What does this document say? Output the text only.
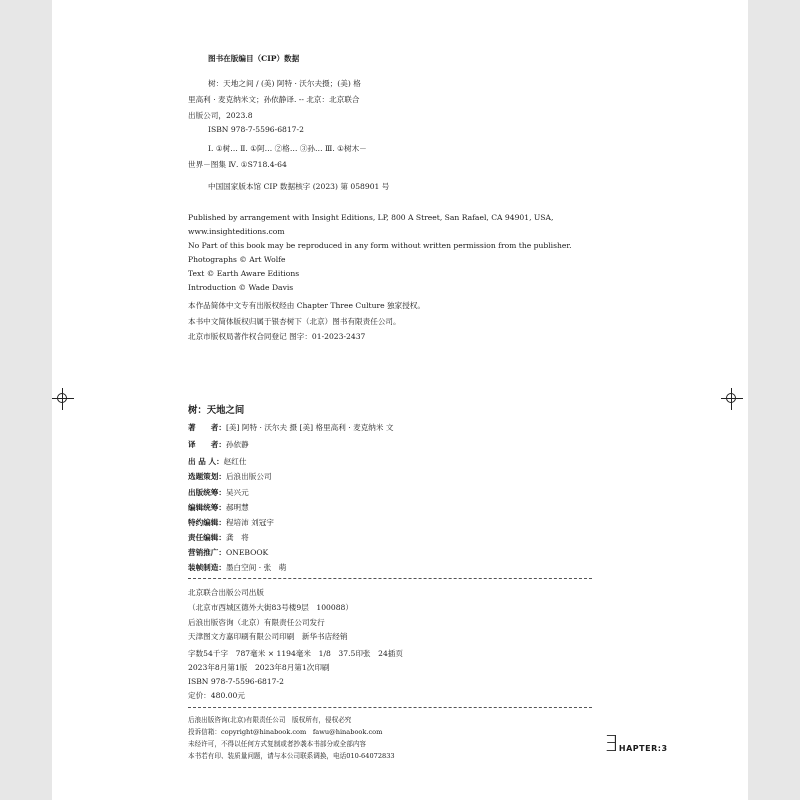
图书在版编目（CIP）数据
树：天地之间 / (美) 阿特 · 沃尔夫摄；(美) 格
里高利 · 麦克纳米文；孙依静译. -- 北京：北京联合
出版公司，2023.8
ISBN 978-7-5596-6817-2
Ⅰ. ①树… Ⅱ. ①阿… ②格… ③孙… Ⅲ. ①树木－
世界－图集 Ⅳ. ①S718.4-64
中国国家版本馆 CIP 数据核字 (2023) 第 058901 号
Published by arrangement with Insight Editions, LP, 800 A Street, San Rafael, CA 94901, USA,
www.insighteditions.com
No Part of this book may be reproduced in any form without written permission from the publisher.
Photographs © Art Wolfe
Text © Earth Aware Editions
Introduction © Wade Davis
本作品简体中文专有出版权经由 Chapter Three Culture 独家授权。
本书中文简体版权归属于银杏树下（北京）图书有限责任公司。
北京市版权局著作权合同登记 图字：01-2023-2437
树：天地之间
著　　者：[美] 阿特 · 沃尔夫 摄 [美] 格里高利 · 麦克纳米 文
译　　者：孙依静
出 品 人：赵红仕
选题策划：后浪出版公司
出版统筹：吴兴元
编辑统筹：郝明慧
特约编辑：程培沛 刘冠宇
责任编辑：龚　将
营销推广：ONEBOOK
装帧制造：墨白空间 · 张　萌
北京联合出版公司出版
（北京市西城区德外大街83号楼9层　100088）
后浪出版咨询（北京）有限责任公司发行
天津图文方嘉印刷有限公司印刷　新华书店经销
字数54千字　787毫米 × 1194毫米　1/8　37.5印张　24插页
2023年8月第1版　2023年8月第1次印刷
ISBN 978-7-5596-6817-2
定价：480.00元
后浪出版咨询(北京)有限责任公司　版权所有，侵权必究
投诉信箱：copyright@hinabook.com　fawu@hinabook.com
未经许可，不得以任何方式复制或者抄袭本书部分或全部内容
本书若有印、装质量问题，请与本公司联系调换，电话010-64072833	∃ HAPTER:3
